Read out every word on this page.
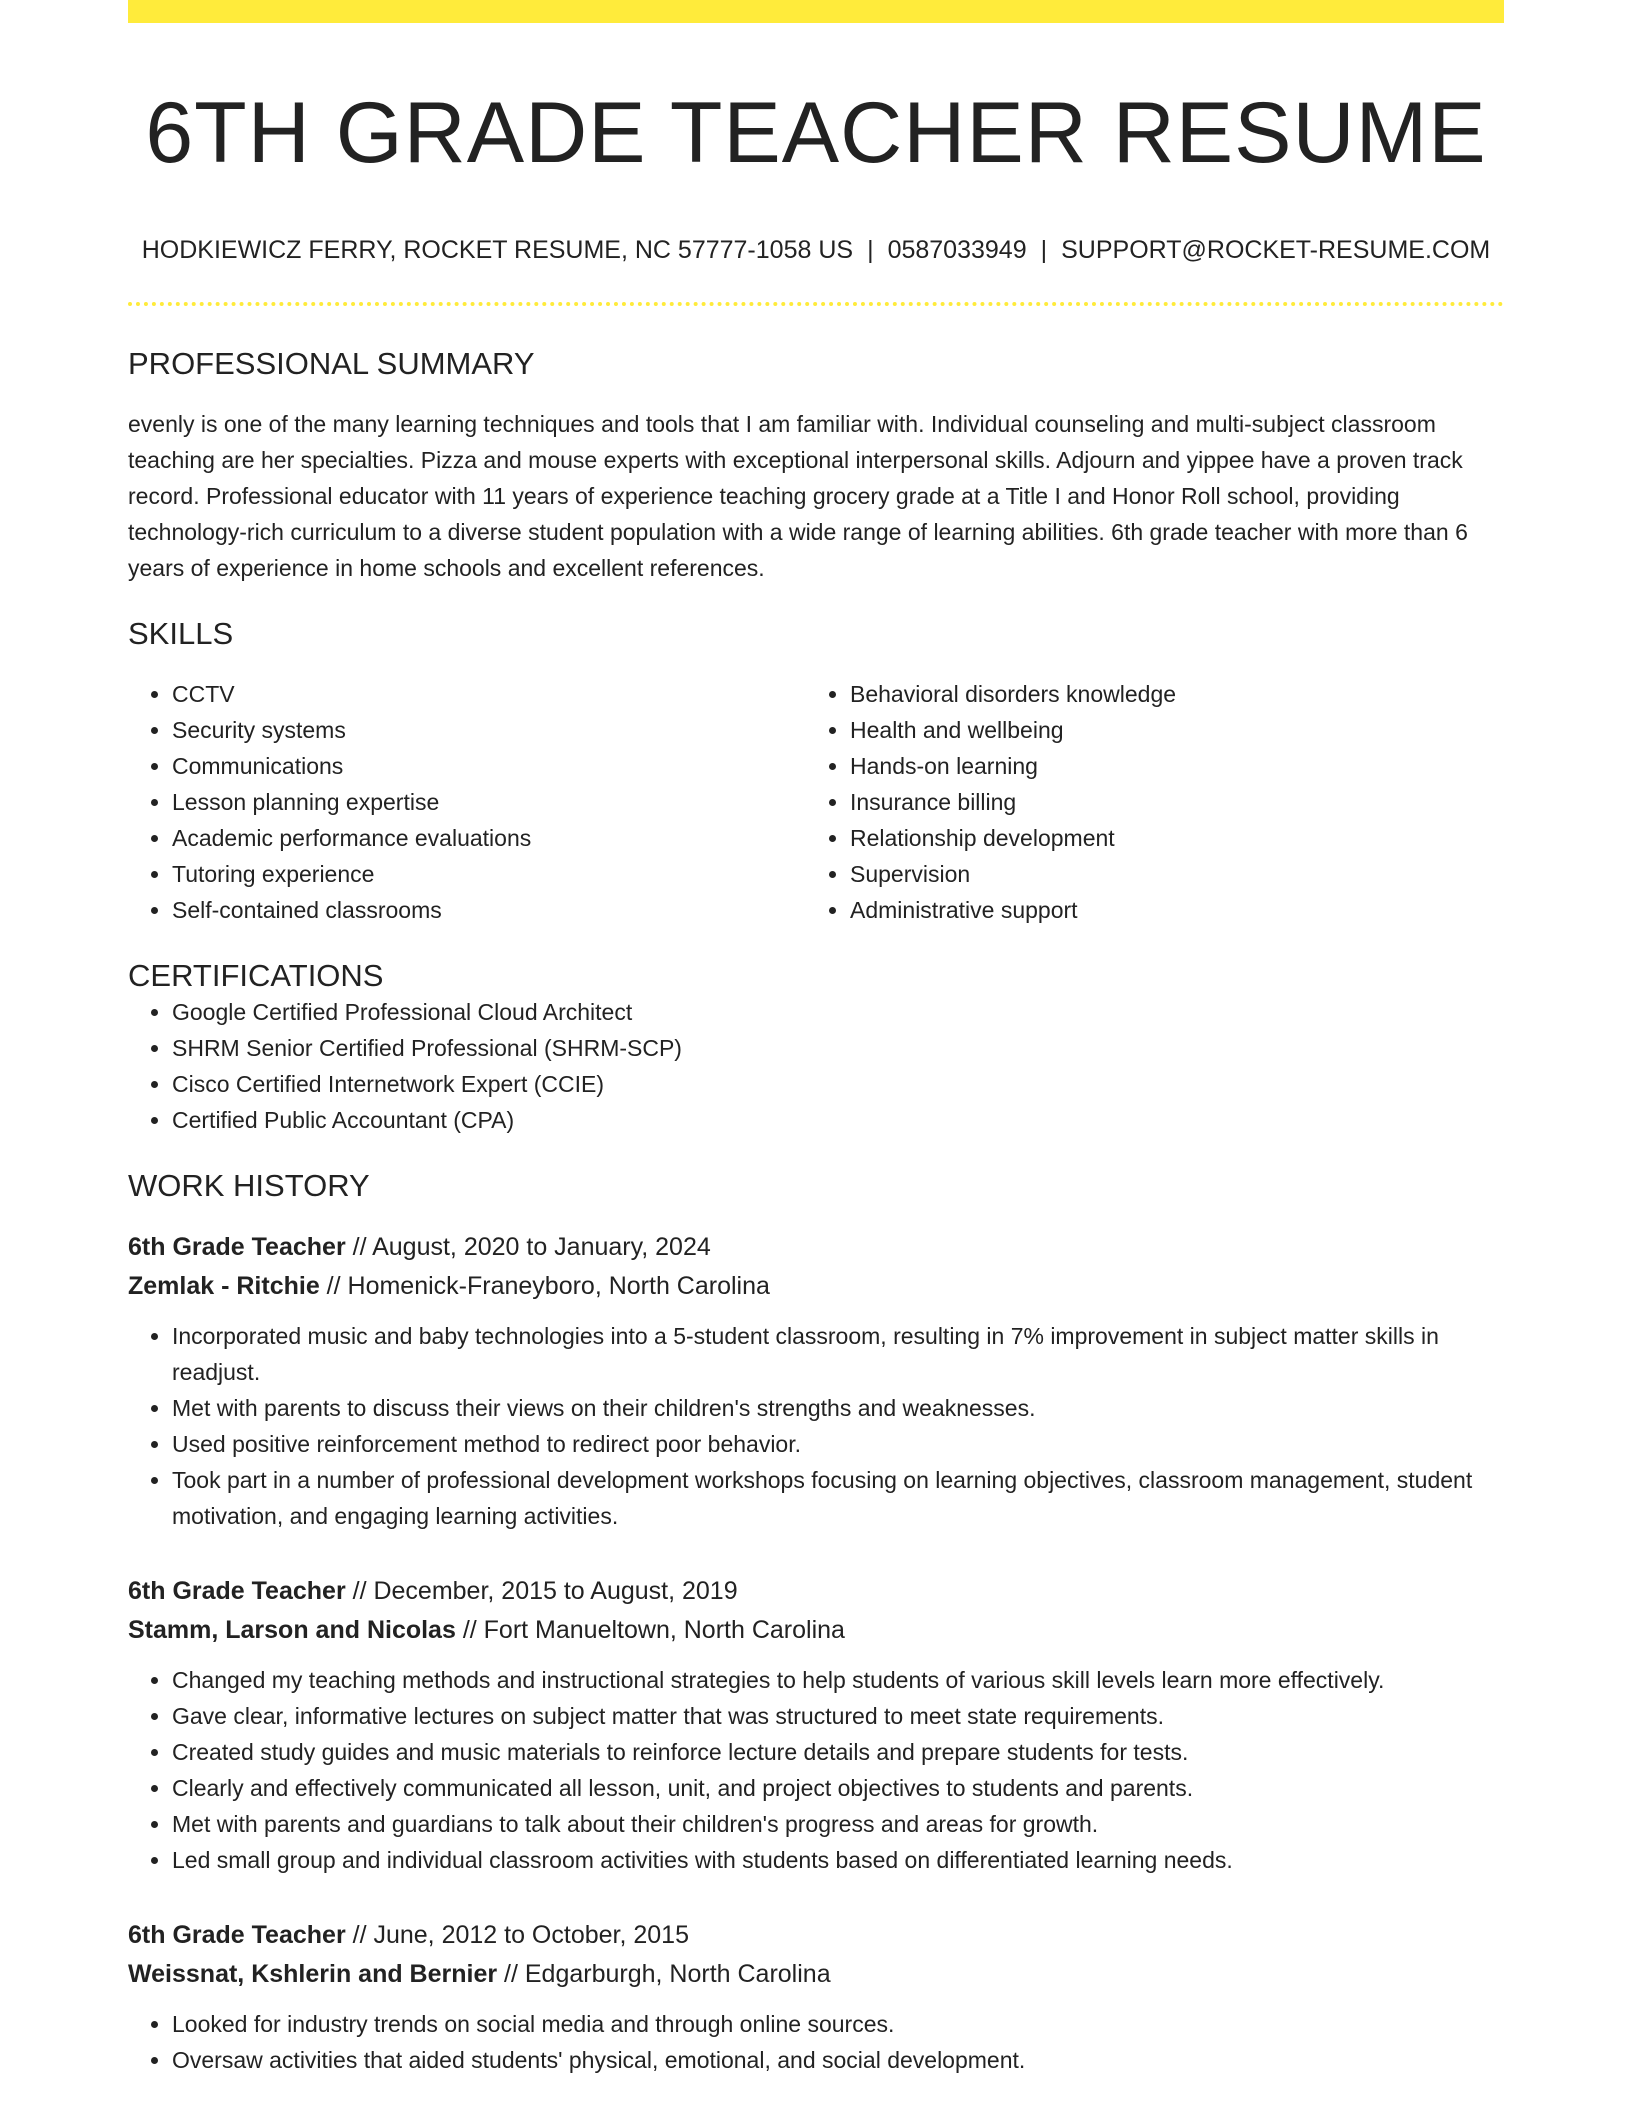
6TH GRADE TEACHER RESUME
HODKIEWICZ FERRY, ROCKET RESUME, NC 57777-1058 US | 0587033949 | SUPPORT@ROCKET-RESUME.COM
PROFESSIONAL SUMMARY
evenly is one of the many learning techniques and tools that I am familiar with. Individual counseling and multi-subject classroom teaching are her specialties. Pizza and mouse experts with exceptional interpersonal skills. Adjourn and yippee have a proven track record. Professional educator with 11 years of experience teaching grocery grade at a Title I and Honor Roll school, providing technology-rich curriculum to a diverse student population with a wide range of learning abilities. 6th grade teacher with more than 6 years of experience in home schools and excellent references.
SKILLS
• CCTV
• Security systems
• Communications
• Lesson planning expertise
• Academic performance evaluations
• Tutoring experience
• Self-contained classrooms
• Behavioral disorders knowledge
• Health and wellbeing
• Hands-on learning
• Insurance billing
• Relationship development
• Supervision
• Administrative support
CERTIFICATIONS
• Google Certified Professional Cloud Architect
• SHRM Senior Certified Professional (SHRM-SCP)
• Cisco Certified Internetwork Expert (CCIE)
• Certified Public Accountant (CPA)
WORK HISTORY
6th Grade Teacher // August, 2020 to January, 2024
Zemlak - Ritchie // Homenick-Franeyboro, North Carolina
• Incorporated music and baby technologies into a 5-student classroom, resulting in 7% improvement in subject matter skills in readjust.
• Met with parents to discuss their views on their children's strengths and weaknesses.
• Used positive reinforcement method to redirect poor behavior.
• Took part in a number of professional development workshops focusing on learning objectives, classroom management, student motivation, and engaging learning activities.
6th Grade Teacher // December, 2015 to August, 2019
Stamm, Larson and Nicolas // Fort Manueltown, North Carolina
• Changed my teaching methods and instructional strategies to help students of various skill levels learn more effectively.
• Gave clear, informative lectures on subject matter that was structured to meet state requirements.
• Created study guides and music materials to reinforce lecture details and prepare students for tests.
• Clearly and effectively communicated all lesson, unit, and project objectives to students and parents.
• Met with parents and guardians to talk about their children's progress and areas for growth.
• Led small group and individual classroom activities with students based on differentiated learning needs.
6th Grade Teacher // June, 2012 to October, 2015
Weissnat, Kshlerin and Bernier // Edgarburgh, North Carolina
• Looked for industry trends on social media and through online sources.
• Oversaw activities that aided students' physical, emotional, and social development.
